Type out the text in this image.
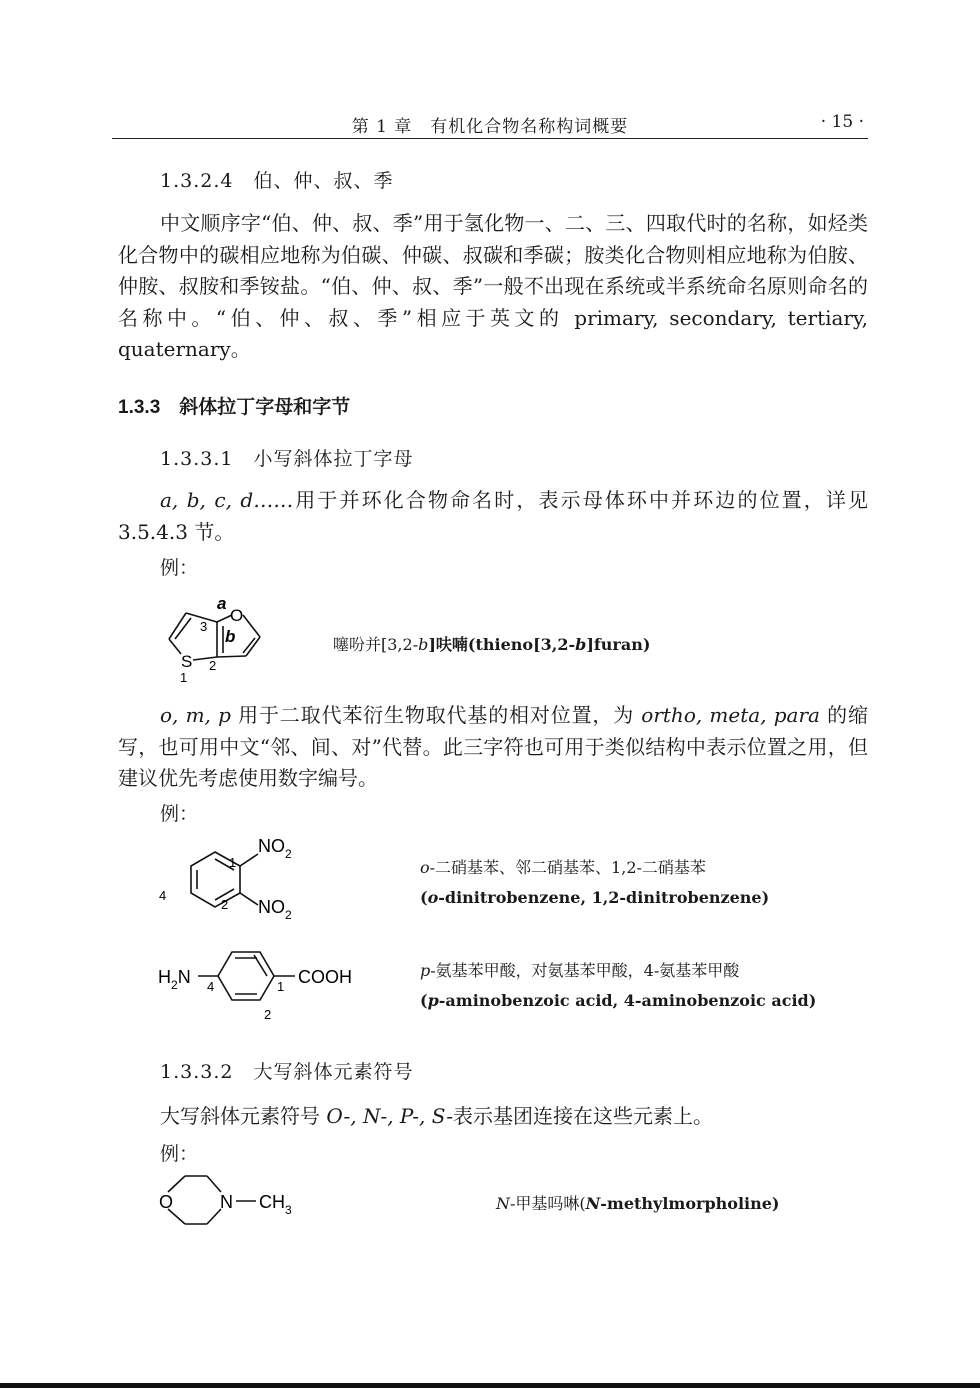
第 1 章　有机化合物名称构词概要	· 15 ·
1.3.2.4　伯、仲、叔、季
中文顺序字“伯、仲、叔、季”用于氢化物一、二、三、四取代时的名称，如烃类化合物中的碳相应地称为伯碳、仲碳、叔碳和季碳；胺类化合物则相应地称为伯胺、仲胺、叔胺和季铵盐。“伯、仲、叔、季”一般不出现在系统或半系统命名原则命名的名称中。“伯、仲、叔、季”相应于英文的 primary, secondary, tertiary, quaternary。
1.3.3　斜体拉丁字母和字节
1.3.3.1　小写斜体拉丁字母
a, b, c, d……用于并环化合物命名时，表示母体环中并环边的位置，详见 3.5.4.3 节。
例：
O
S
a
b
1
2
3
噻吩并[3,2-b]呋喃(thieno[3,2-b]furan)
o, m, p 用于二取代苯衍生物取代基的相对位置，为 ortho, meta, para 的缩写，也可用中文“邻、间、对”代替。此三字符也可用于类似结构中表示位置之用，但建议优先考虑使用数字编号。
例：
$NO_2$
$NO_2$
1
2
4
o-二硝基苯、邻二硝基苯、1,2-二硝基苯
(o-dinitrobenzene, 1,2-dinitrobenzene)
$H_2N$	COOH
4	1
2
p-氨基苯甲酸，对氨基苯甲酸，4-氨基苯甲酸
(p-aminobenzoic acid, 4-aminobenzoic acid)
1.3.3.2　大写斜体元素符号
大写斜体元素符号 O-, N-, P-, S-表示基团连接在这些元素上。
例：
O	N $CH_3$	N-甲基吗啉(N-methylmorpholine)
